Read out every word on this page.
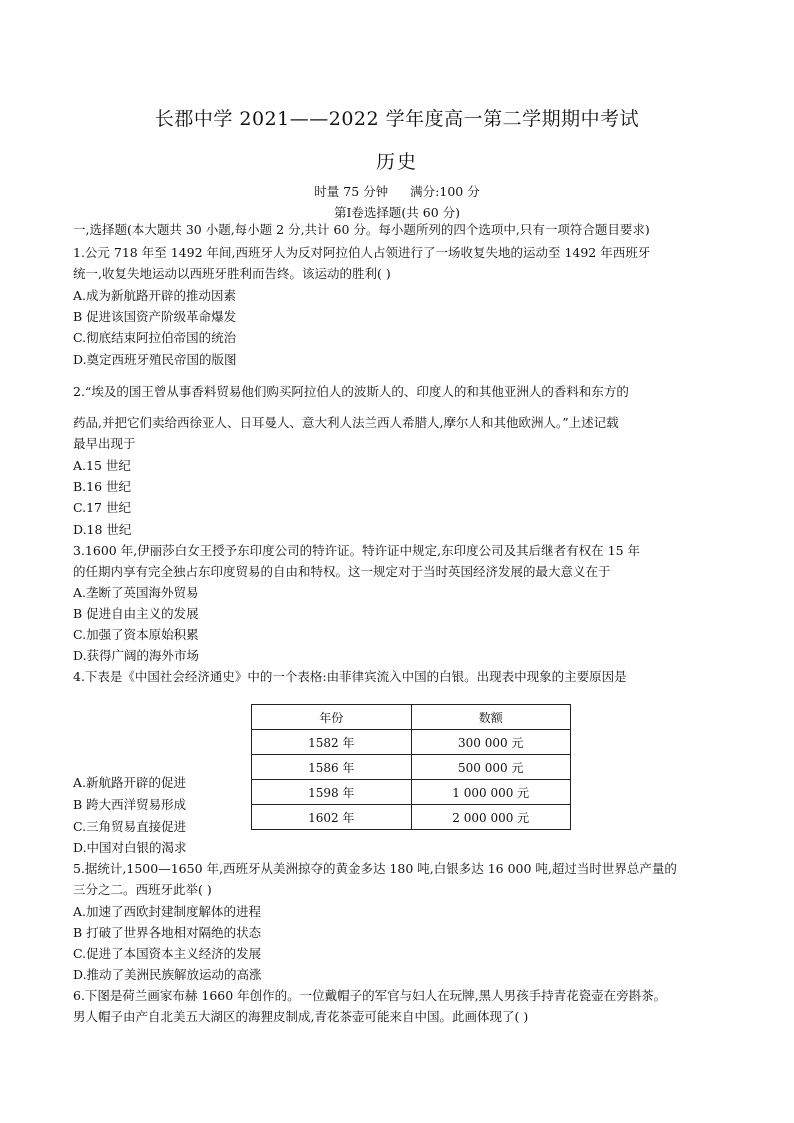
长郡中学 2021——2022 学年度高一第二学期期中考试
历史
时量 75 分钟 满分:100 分
第Ⅰ卷选择题(共 60 分)
一,选择题(本大题共 30 小题,每小题 2 分,共计 60 分。每小题所列的四个选项中,只有一项符合题目要求)
1.公元 718 年至 1492 年间,西班牙人为反对阿拉伯人占领进行了一场收复失地的运动至 1492 年西班牙
统一,收复失地运动以西班牙胜利而告终。该运动的胜利( )
A.成为新航路开辟的推动因素
B 促进该国资产阶级革命爆发
C.彻底结束阿拉伯帝国的统治
D.奠定西班牙殖民帝国的版图
2.“埃及的国王曾从事香料贸易他们购买阿拉伯人的波斯人的、印度人的和其他亚洲人的香料和东方的
药品,并把它们卖给西徐亚人、日耳曼人、意大利人法兰西人希腊人,摩尔人和其他欧洲人。”上述记载
最早出现于
A.15 世纪
B.16 世纪
C.17 世纪
D.18 世纪
3.1600 年,伊丽莎白女王授予东印度公司的特许证。特许证中规定,东印度公司及其后继者有权在 15 年
的任期内享有完全独占东印度贸易的自由和特权。这一规定对于当时英国经济发展的最大意义在于
A.垄断了英国海外贸易
B 促进自由主义的发展
C.加强了资本原始积累
D.获得广阔的海外市场
4.下表是《中国社会经济通史》中的一个表格:由菲律宾流入中国的白银。出现表中现象的主要原因是
年份	数额
1582 年	300 000 元
1586 年	500 000 元
1598 年	1 000 000 元
1602 年	2 000 000 元
A.新航路开辟的促进
B 跨大西洋贸易形成
C.三角贸易直接促进
D.中国对白银的渴求
5.据统计,1500—1650 年,西班牙从美洲掠夺的黄金多达 180 吨,白银多达 16 000 吨,超过当时世界总产量的
三分之二。西班牙此举( )
A.加速了西欧封建制度解体的进程
B 打破了世界各地相对隔绝的状态
C.促进了本国资本主义经济的发展
D.推动了美洲民族解放运动的高涨
6.下图是荷兰画家布赫 1660 年创作的。一位戴帽子的军官与妇人在玩牌,黑人男孩手持青花瓷壶在旁斟茶。
男人帽子由产自北美五大湖区的海狸皮制成,青花茶壶可能来自中国。此画体现了( )
